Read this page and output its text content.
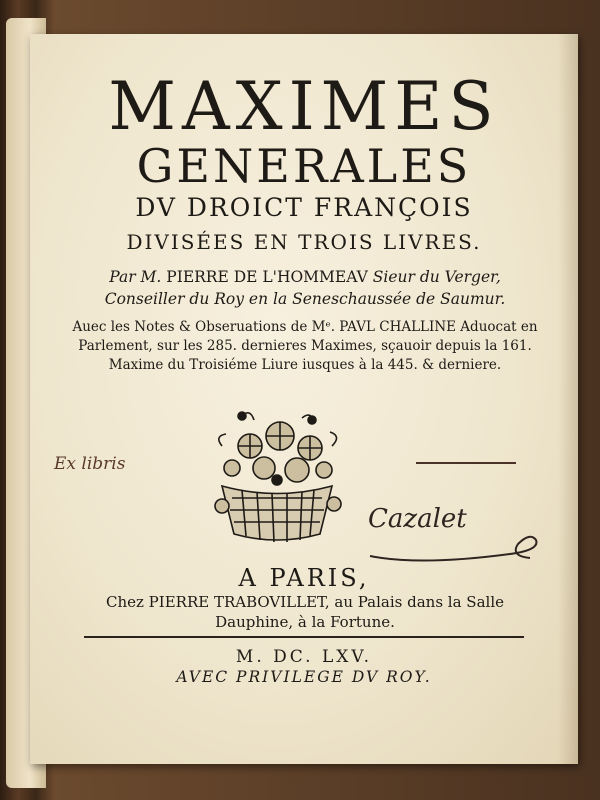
MAXIMES
GENERALES
DV DROICT FRANÇOIS
DIVISÉES EN TROIS LIVRES.
Par M. PIERRE DE L'HOMMEAV Sieur du Verger,
Conseiller du Roy en la Seneschaussée de Saumur.
Auec les Notes & Obseruations de Mᵉ. PAVL CHALLINE Aduocat en
Parlement, sur les 285. dernieres Maximes, sçauoir depuis la 161.
Maxime du Troisiéme Liure iusques à la 445. & derniere.
Ex libris
Cazalet
A PARIS,
Chez PIERRE TRABOVILLET, au Palais dans la Salle
Dauphine, à la Fortune.
M. DC. LXV.
AVEC PRIVILEGE DV ROY.
